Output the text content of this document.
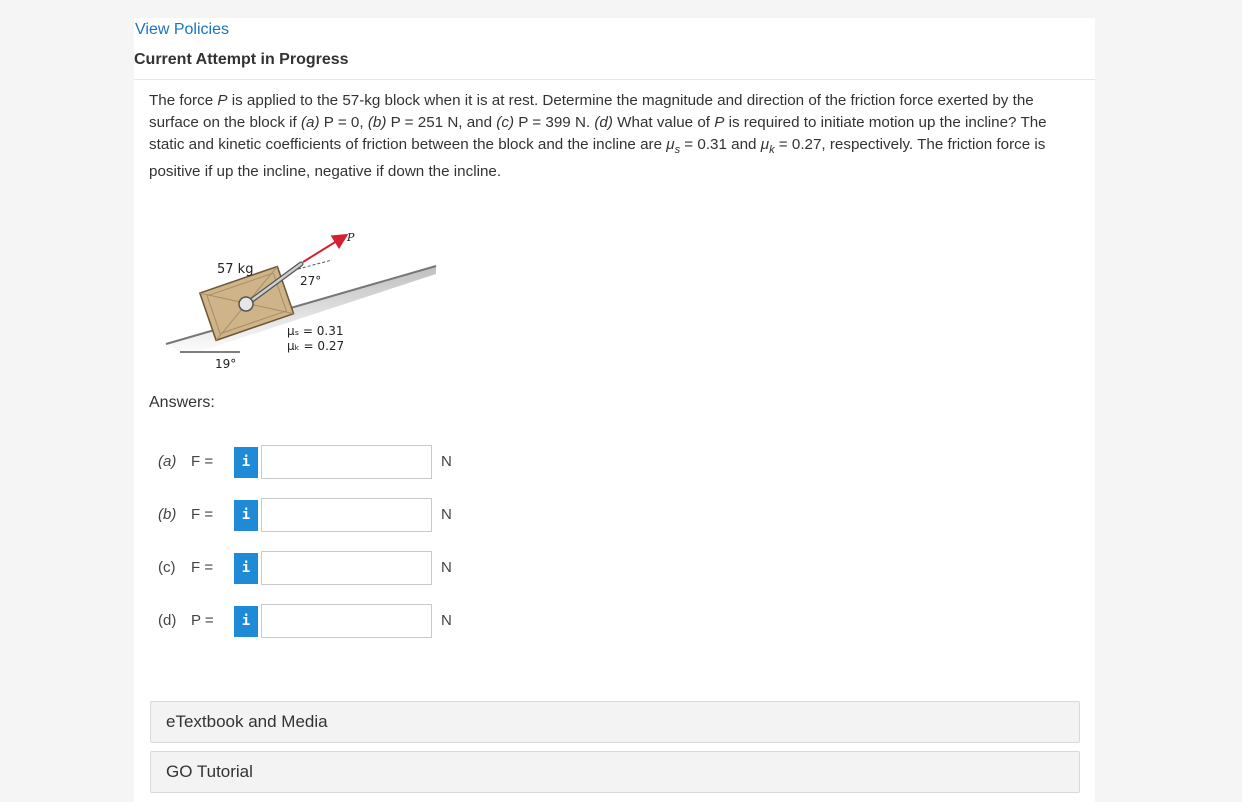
View Policies
Current Attempt in Progress
The force P is applied to the 57-kg block when it is at rest. Determine the magnitude and direction of the friction force exerted by the surface on the block if (a) P = 0, (b) P = 251 N, and (c) P = 399 N. (d) What value of P is required to initiate motion up the incline? The static and kinetic coefficients of friction between the block and the incline are $\mu_s = 0.31$ and $\mu_k = 0.27$, respectively. The friction force is positive if up the incline, negative if down the incline.
57 kg
P
27°
μₛ = 0.31
μₖ = 0.27
19°
Answers:
(a) F =	i	N
(b) F =	i	N
(c) F =	i	N
(d) P =	i	N
eTextbook and Media
GO Tutorial
